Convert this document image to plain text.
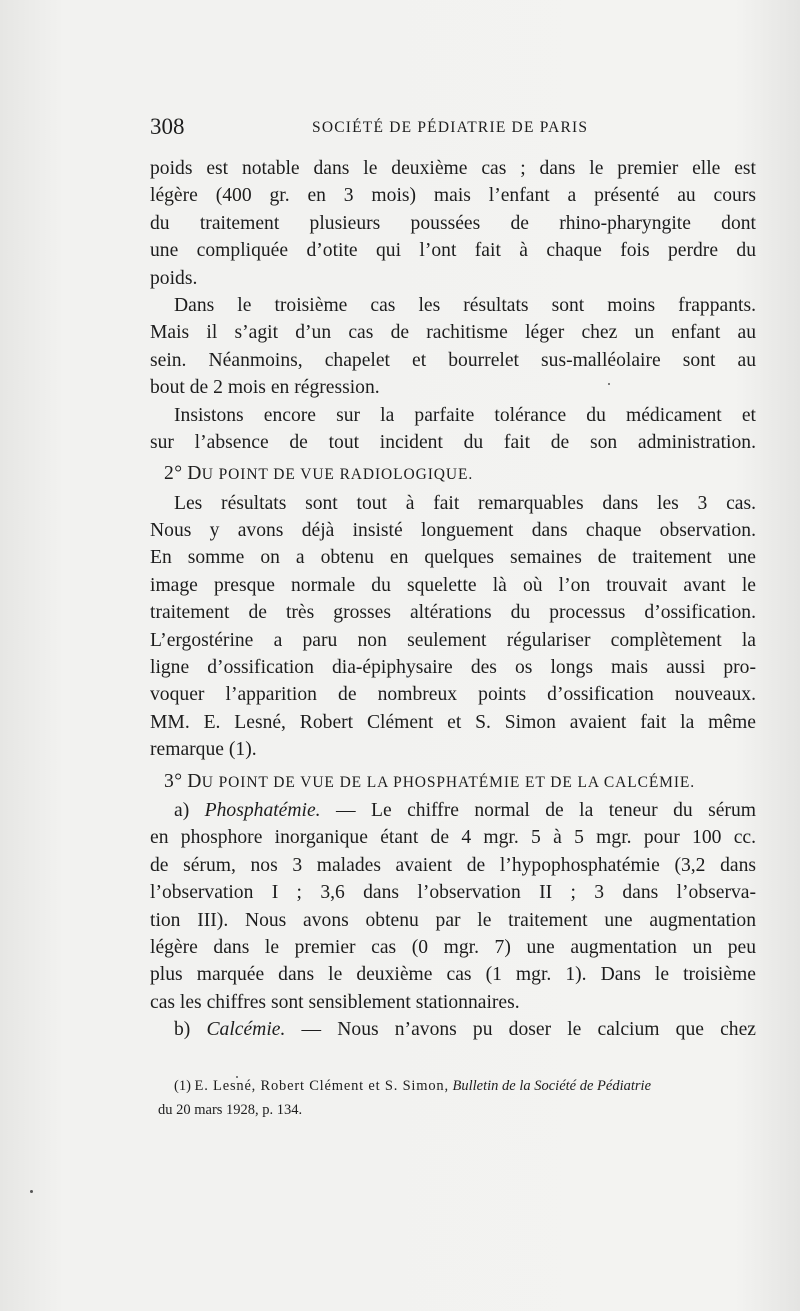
308	SOCIÉTÉ DE PÉDIATRIE DE PARIS
poids est notable dans le deuxième cas ; dans le premier elle est
légère (400 gr. en 3 mois) mais l’enfant a présenté au cours
du traitement plusieurs poussées de rhino-pharyngite dont
une compliquée d’otite qui l’ont fait à chaque fois perdre du
poids.
Dans le troisième cas les résultats sont moins frappants.
Mais il s’agit d’un cas de rachitisme léger chez un enfant au
sein. Néanmoins, chapelet et bourrelet sus-malléolaire sont au
bout de 2 mois en régression.
Insistons encore sur la parfaite tolérance du médicament et
sur l’absence de tout incident du fait de son administration.
2° DU POINT DE VUE RADIOLOGIQUE.
Les résultats sont tout à fait remarquables dans les 3 cas.
Nous y avons déjà insisté longuement dans chaque observation.
En somme on a obtenu en quelques semaines de traitement une
image presque normale du squelette là où l’on trouvait avant le
traitement de très grosses altérations du processus d’ossification.
L’ergostérine a paru non seulement régulariser complètement la
ligne d’ossification dia-épiphysaire des os longs mais aussi pro-
voquer l’apparition de nombreux points d’ossification nouveaux.
MM. E. Lesné, Robert Clément et S. Simon avaient fait la même
remarque (1).
3° DU POINT DE VUE DE LA PHOSPHATÉMIE ET DE LA CALCÉMIE.
a) Phosphatémie. — Le chiffre normal de la teneur du sérum
en phosphore inorganique étant de 4 mgr. 5 à 5 mgr. pour 100 cc.
de sérum, nos 3 malades avaient de l’hypophosphatémie (3,2 dans
l’observation I ; 3,6 dans l’observation II ; 3 dans l’observa-
tion III). Nous avons obtenu par le traitement une augmentation
légère dans le premier cas (0 mgr. 7) une augmentation un peu
plus marquée dans le deuxième cas (1 mgr. 1). Dans le troisième
cas les chiffres sont sensiblement stationnaires.
b) Calcémie. — Nous n’avons pu doser le calcium que chez
(1) E. Lesné, Robert Clément et S. Simon, Bulletin de la Société de Pédiatrie
du 20 mars 1928, p. 134.
